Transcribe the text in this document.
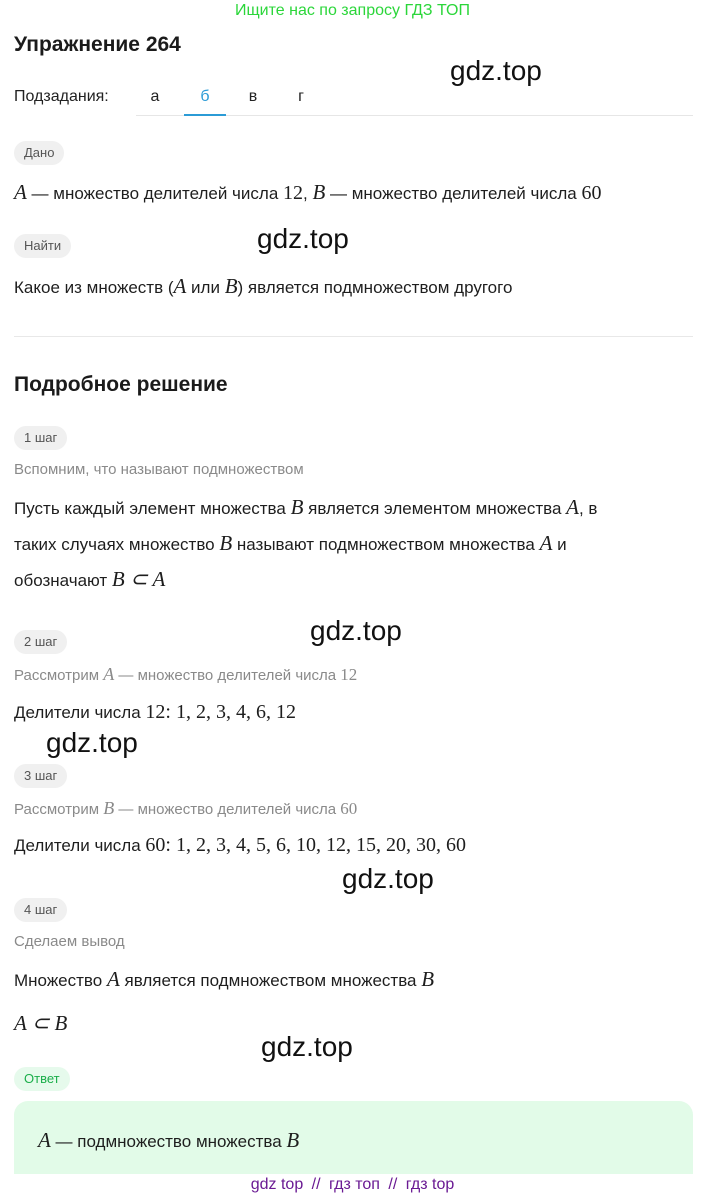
Ищите нас по запросу ГДЗ ТОП
Упражнение 264
gdz.top
gdz.top
gdz.top
gdz.top
gdz.top
gdz.top
Подзадания:	а	б	в	г
Дано
A — множество делителей числа 12, B — множество делителей числа 60
Найти
Какое из множеств (A или B) является подмножеством другого
Подробное решение
1 шаг
Вспомним, что называют подмножеством
Пусть каждый элемент множества B является элементом множества A, в
таких случаях множество B называют подмножеством множества A и
обозначают B ⊂ A
2 шаг
Рассмотрим A — множество делителей числа 12
Делители числа 12: 1, 2, 3, 4, 6, 12
3 шаг
Рассмотрим B — множество делителей числа 60
Делители числа 60: 1, 2, 3, 4, 5, 6, 10, 12, 15, 20, 30, 60
4 шаг
Сделаем вывод
Множество A является подмножеством множества B
A ⊂ B
Ответ
A — подмножество множества B
gdz top // гдз топ // гдз top
